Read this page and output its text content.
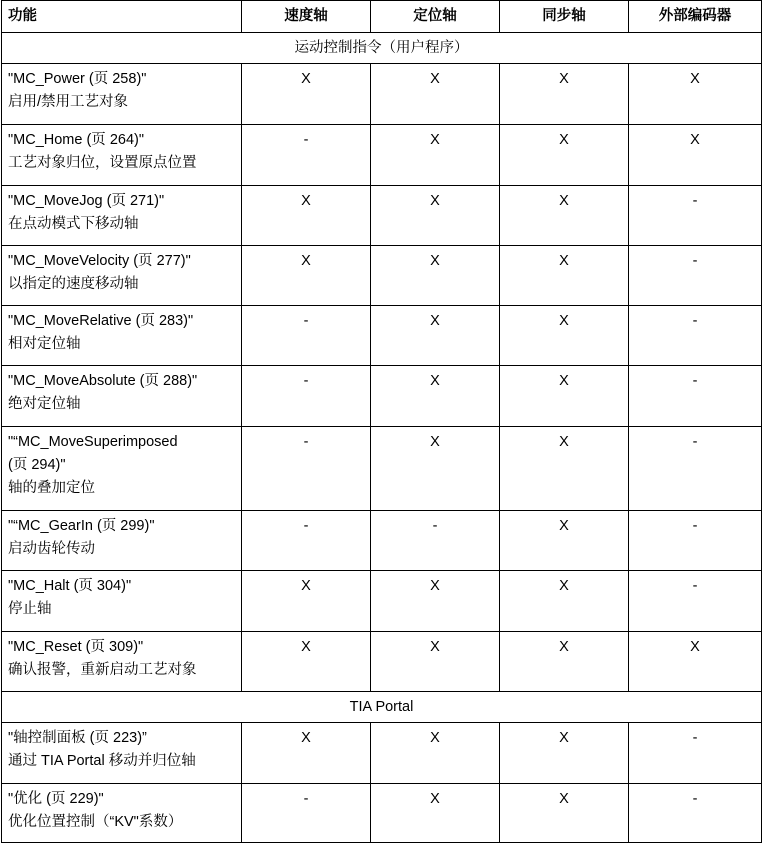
功能	速度轴	定位轴	同步轴	外部编码器
运动控制指令（用户程序）				

"MC_Power (页 258)"
启用/禁用工艺对象	X	X	X	X

"MC_Home (页 264)"
工艺对象归位，设置原点位置	-	X	X	X

"MC_MoveJog (页 271)"
在点动模式下移动轴	X	X	X	-

"MC_MoveVelocity (页 277)"
以指定的速度移动轴	X	X	X	-

"MC_MoveRelative (页 283)"
相对定位轴	-	X	X	-

"MC_MoveAbsolute (页 288)"
绝对定位轴	-	X	X	-

"“MC_MoveSuperimposed
(页 294)"
轴的叠加定位	-	X	X	-

"“MC_GearIn (页 299)"
启动齿轮传动	-	-	X	-

"MC_Halt (页 304)"
停止轴	X	X	X	-

"MC_Reset (页 309)"
确认报警，重新启动工艺对象	X	X	X	X
TIA Portal				

"轴控制面板 (页 223)”
通过 TIA Portal 移动并归位轴	X	X	X	-

"优化 (页 229)"
优化位置控制（“KV"系数）	-	X	X	-
